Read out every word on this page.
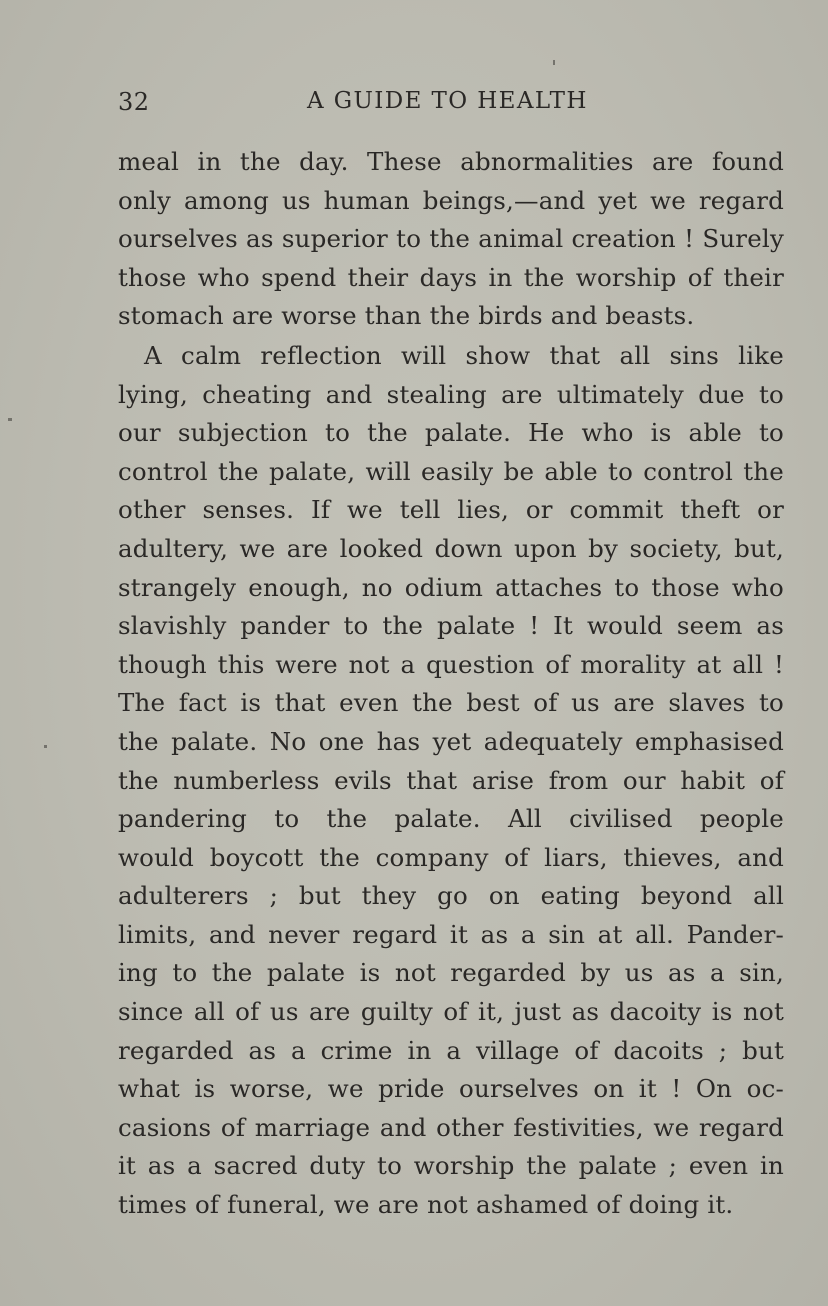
32	A GUIDE TO HEALTH
meal in the day. These abnormalities are found
only among us human beings,—and yet we regard
ourselves as superior to the animal creation ! Surely
those who spend their days in the worship of their
stomach are worse than the birds and beasts.
A calm reflection will show that all sins like
lying, cheating and stealing are ultimately due to
our subjection to the palate. He who is able to
control the palate, will easily be able to control the
other senses. If we tell lies, or commit theft or
adultery, we are looked down upon by society, but,
strangely enough, no odium attaches to those who
slavishly pander to the palate ! It would seem as
though this were not a question of morality at all !
The fact is that even the best of us are slaves to
the palate. No one has yet adequately emphasised
the numberless evils that arise from our habit of
pandering to the palate. All civilised people
would boycott the company of liars, thieves, and
adulterers ; but they go on eating beyond all
limits, and never regard it as a sin at all. Pander-
ing to the palate is not regarded by us as a sin,
since all of us are guilty of it, just as dacoity is not
regarded as a crime in a village of dacoits ; but
what is worse, we pride ourselves on it ! On oc-
casions of marriage and other festivities, we regard
it as a sacred duty to worship the palate ; even in
times of funeral, we are not ashamed of doing it.
